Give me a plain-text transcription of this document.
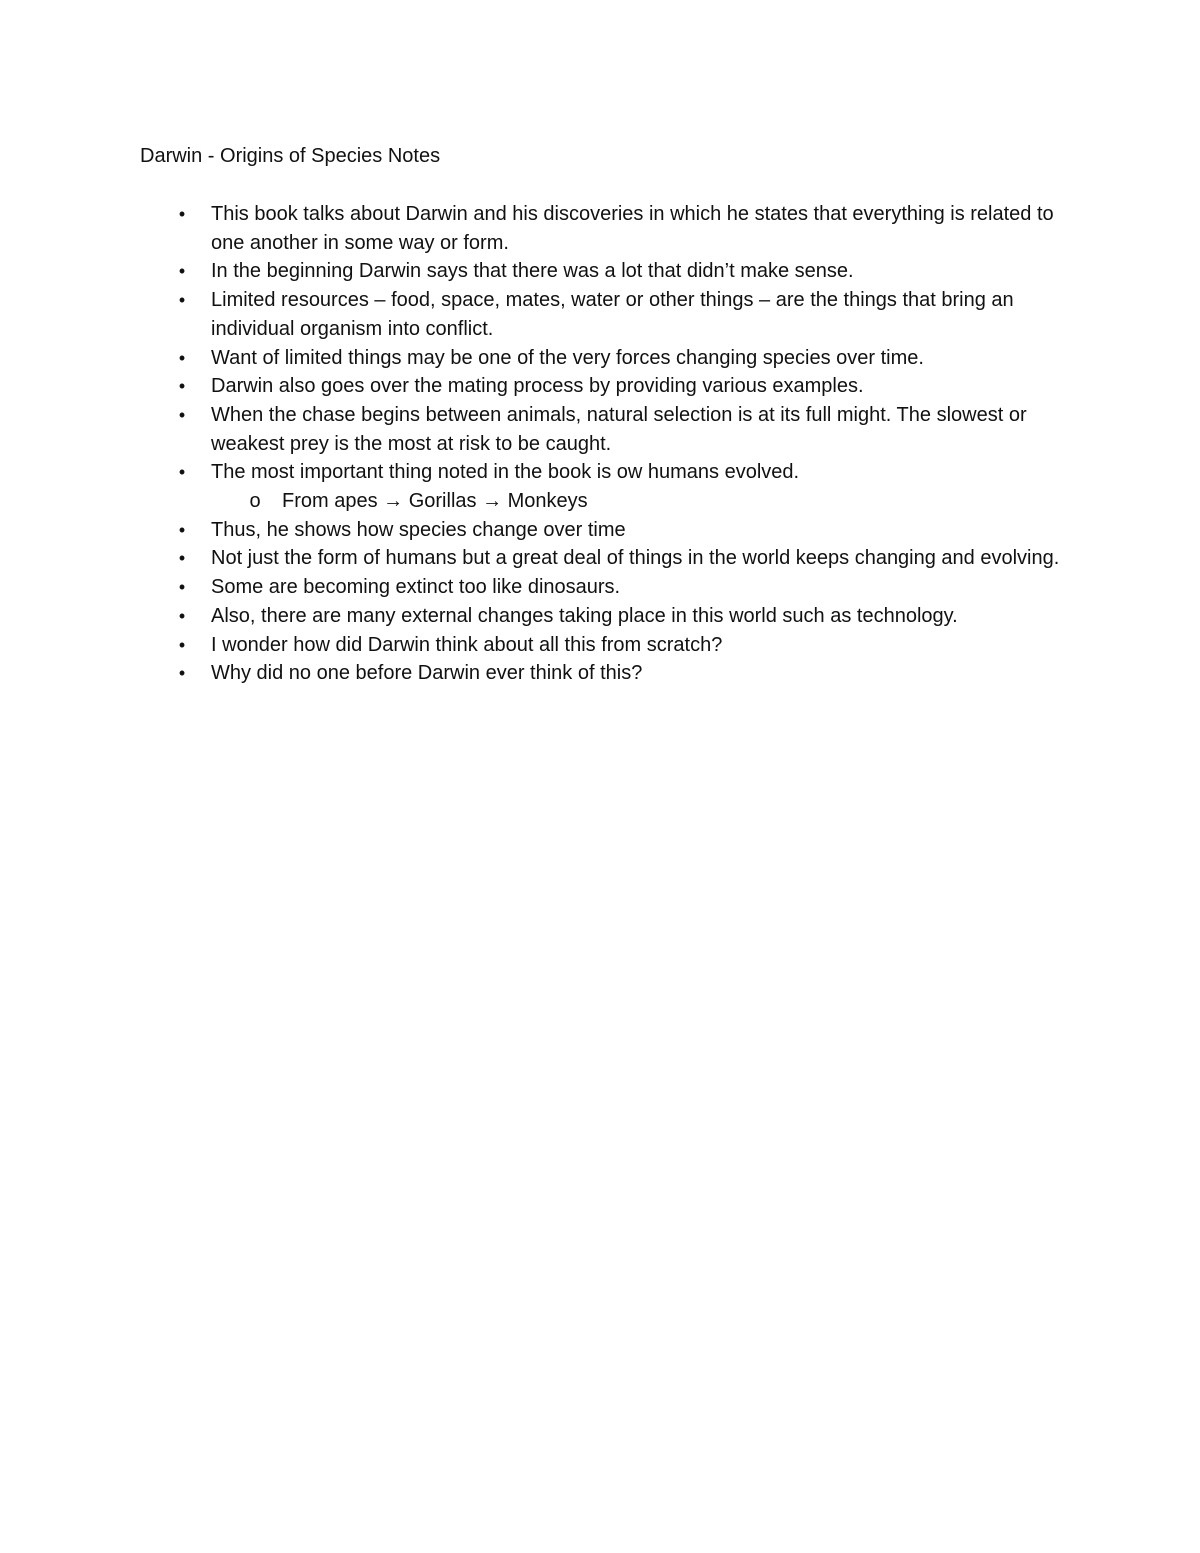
Darwin - Origins of Species Notes
•	This book talks about Darwin and his discoveries in which he states that everything is related to one another in some way or form.
•	In the beginning Darwin says that there was a lot that didn’t make sense.
•	Limited resources – food, space, mates, water or other things – are the things that bring an individual organism into conflict.
•	Want of limited things may be one of the very forces changing species over time.
•	Darwin also goes over the mating process by providing various examples.
•	When the chase begins between animals, natural selection is at its full might. The slowest or weakest prey is the most at risk to be caught.
•	The most important thing noted in the book is ow humans evolved.
o From apes → Gorillas → Monkeys
•	Thus, he shows how species change over time
•	Not just the form of humans but a great deal of things in the world keeps changing and evolving.
•	Some are becoming extinct too like dinosaurs.
•	Also, there are many external changes taking place in this world such as technology.
•	I wonder how did Darwin think about all this from scratch?
•	Why did no one before Darwin ever think of this?
